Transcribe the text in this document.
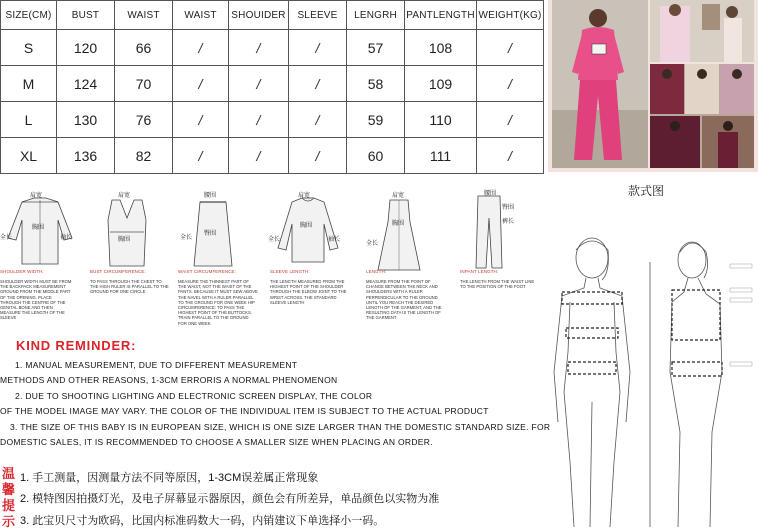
SIZE(CM)	BUST	WAIST	WAIST	SHOUIDER	SLEEVE	LENGRH	PANTLENGTH	WEIGHT(KG)
S	120	66	/	/	/	57	108	/
M	124	70	/	/	/	58	109	/
L	130	76	/	/	/	59	110	/
XL	136	82	/	/	/	60	111	/
款式图
肩宽
胸围
全长	袖长
肩宽
胸围
腰围
臀围
全长
肩宽
胸围
全长	袖长
肩宽
胸围
全长
腰围
臀围
裤长
SHOULDER WIDTH:
SHOULDER WIDTH MUST BE FROM THE BACKPACK MEASUREMENT GROUND FROM THE MIDDLE PART OF THE OPENING. PLACE THROUGH THE CENTRE OF THE GENITAL BONE AND THEN MEASURE THE LENGTH OF THE SLEEVE
BUST CIRCUMFERENCE:
TO PASS THROUGH THE CHEST TO THE HIGH RULER IS PARALLEL TO THE GROUND FOR ONE CIRCLE
WAIST CIRCUMFERENCE:
MEASURE THE THINNEST PART OF THE WAIST, NOT THE WAIST OF THE PANTS. BECAUSE IT MUST SEW ABOVE THE NAVEL WITH A RULER PARALLEL TO THE GROUND FOR ONE WEEK HIP CIRCUMFERENCE: TO PASS THE HIGHEST POINT OF THE BUTTOCKS, TRAIN PARALLEL TO THE GROUND FOR ONE WEEK
SLEEVE LENGTH:
THE LENGTH MEASURED FROM THE HIGHEST POINT OF THE SHOULDER THROUGH THE ELBOW JOINT TO THE WRIST ACROSS. THE STANDARD SLEEVE LENGTH
LENGTH:
MEASURE FROM THE POINT OF CHANGE BETWEEN THE NECK AND SHOULDERS WITH A RULER PERPENDICULAR TO THE GROUND UNTIL YOU REACH THE DESIRED LENGTH OF THE GARMENT, AND THE RESULTING DATA IS THE LENGTH OF THE GARMENT
INPANT LENGTH:
THE LENGTH FROM THE WAIST LINE TO THE POSITION OF THE FOOT
KIND REMINDER:
1. MANUAL MEASUREMENT, DUE TO DIFFERENT MEASUREMENT
METHODS AND OTHER REASONS, 1-3CM ERRORIS A NORMAL PHENOMENON
2. DUE TO SHOOTING LIGHTING AND ELECTRONIC SCREEN DISPLAY, THE COLOR
OF THE MODEL IMAGE MAY VARY. THE COLOR OF THE INDIVIDUAL ITEM IS SUBJECT TO THE ACTUAL PRODUCT
3. THE SIZE OF THIS BABY IS IN EUROPEAN SIZE, WHICH IS ONE SIZE LARGER THAN THE DOMESTIC STANDARD SIZE. FOR
DOMESTIC SALES, IT IS RECOMMENDED TO CHOOSE A SMALLER SIZE WHEN PLACING AN ORDER.
温
馨
提
示
1. 手工测量，因测量方法不同等原因，1-3CM误差属正常现象
2. 模特图因拍摄灯光，及电子屏幕显示器原因，颜色会有所差异，单品颜色以实物为准
3. 此宝贝尺寸为欧码，比国内标准码数大一码，内销建议下单选择小一码。
